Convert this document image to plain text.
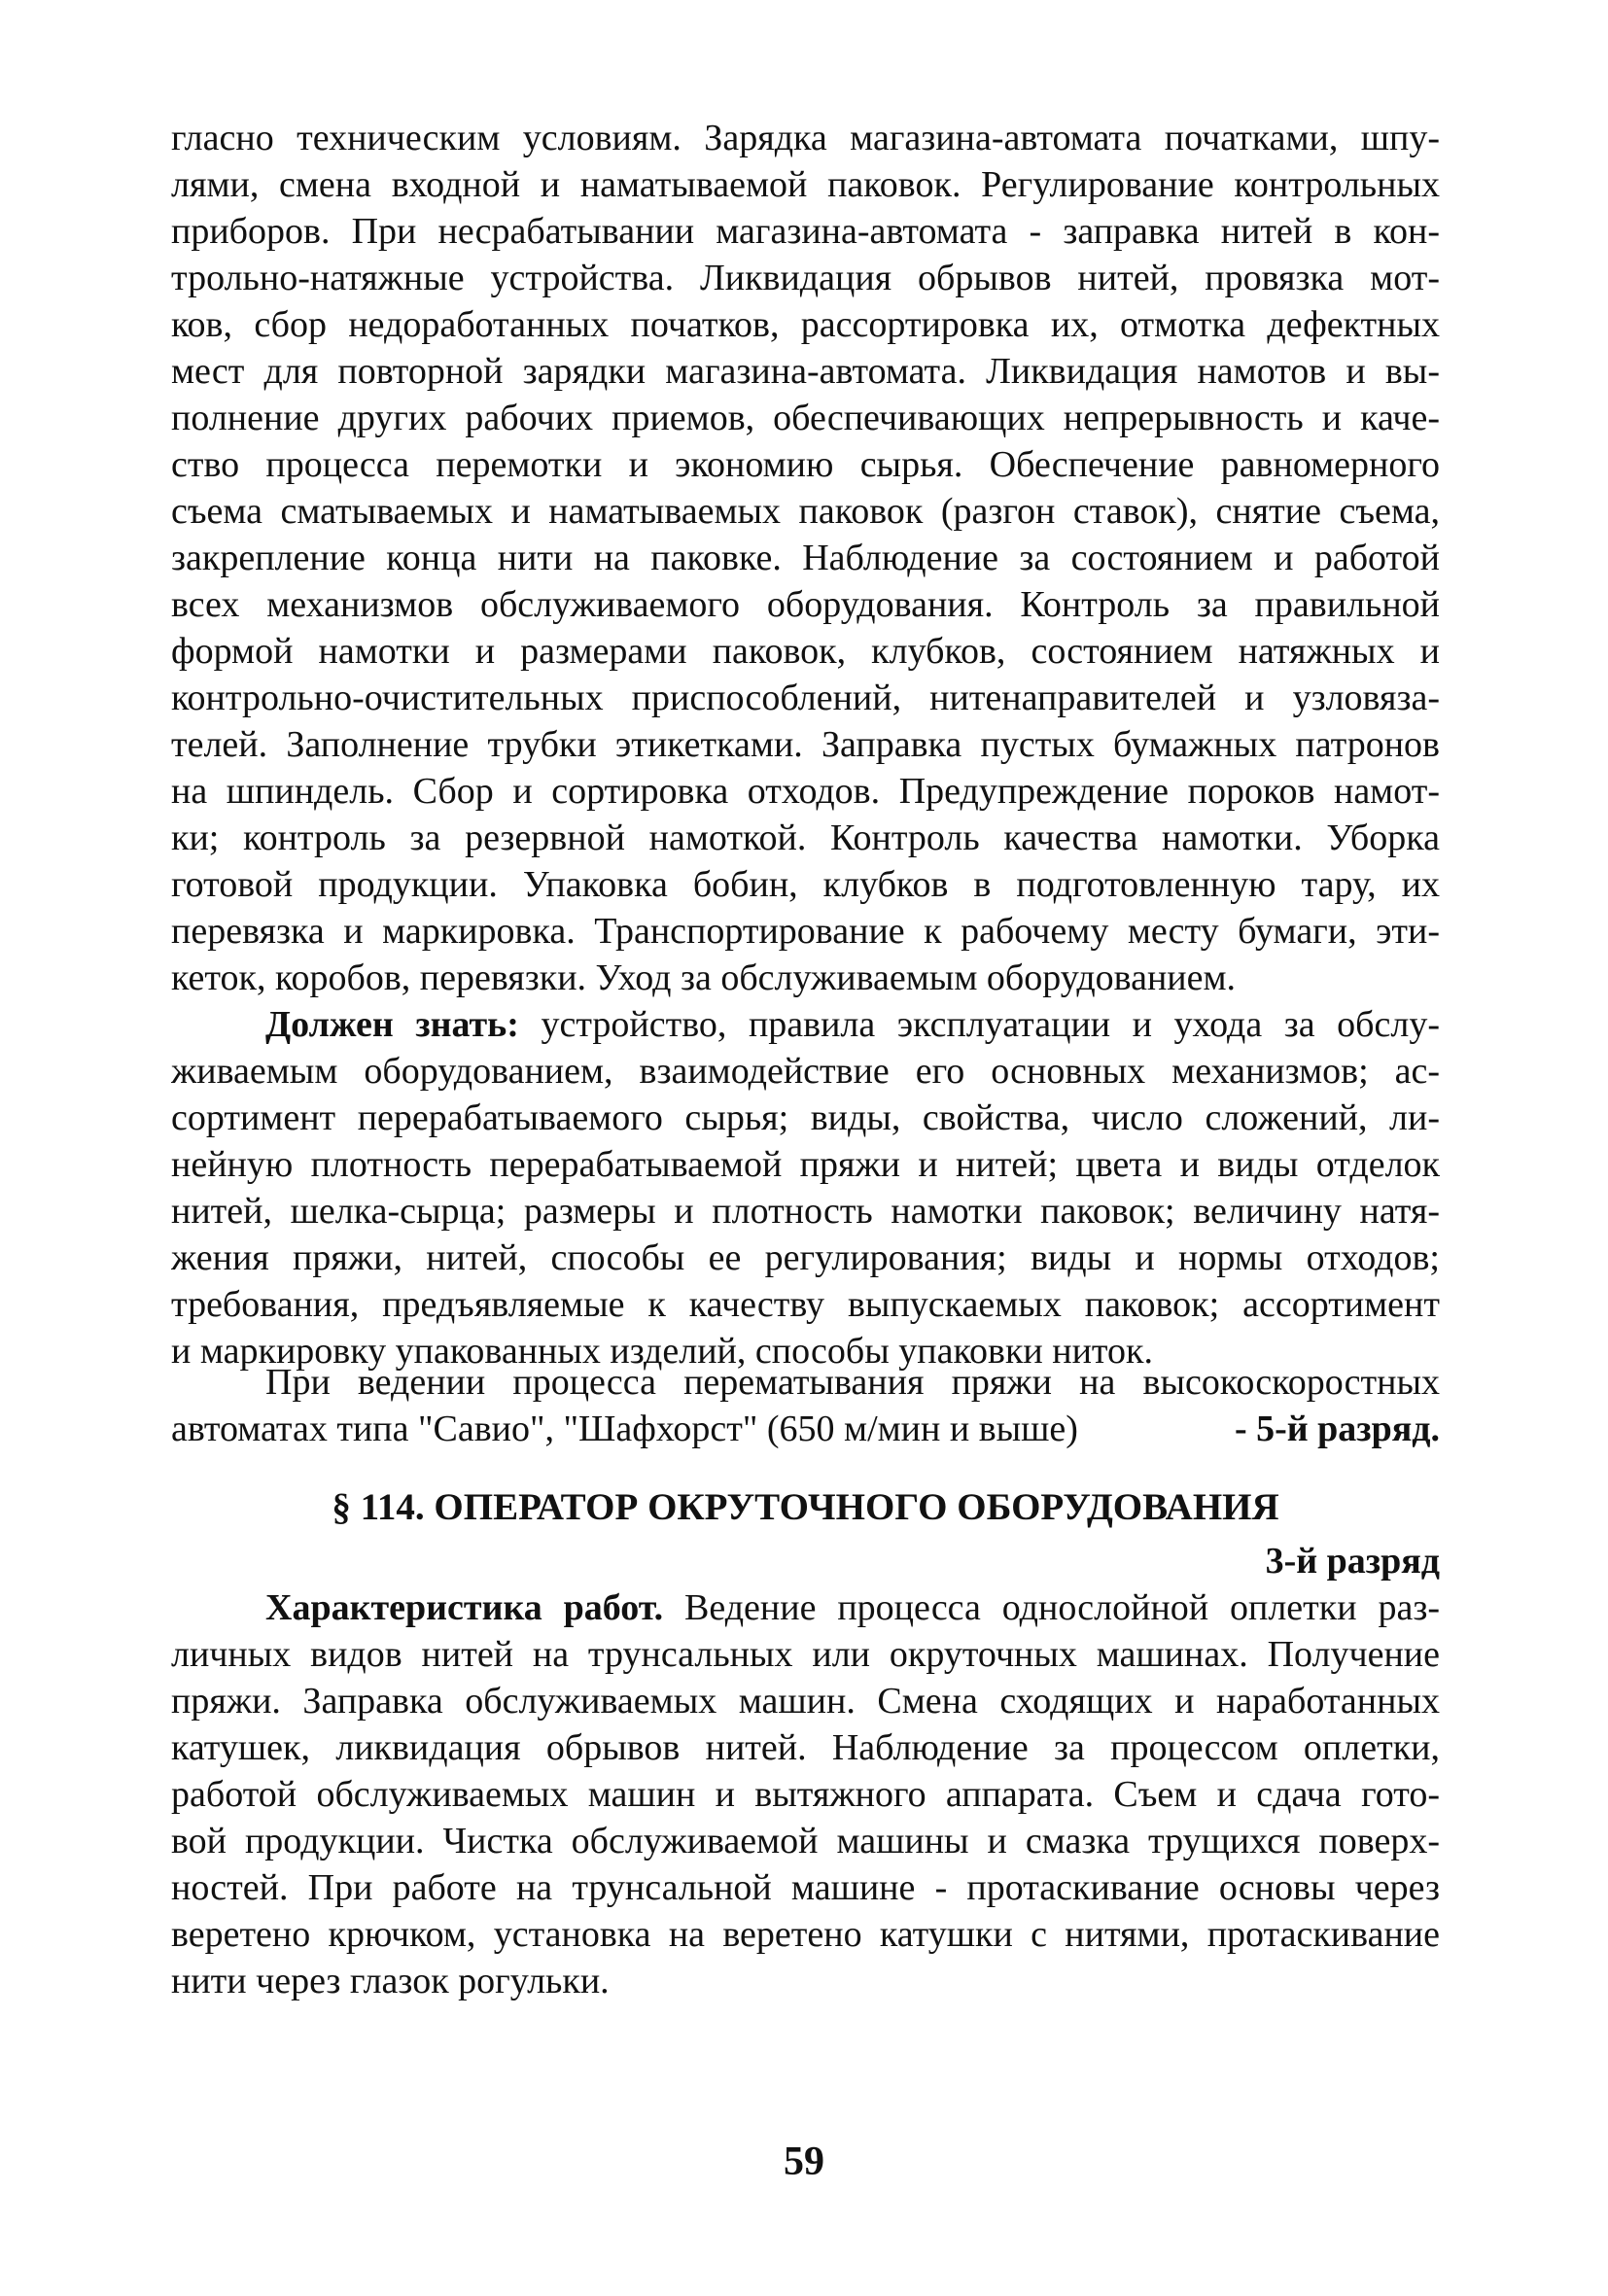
гласно техническим условиям. Зарядка магазина-автомата початками, шпу-
лями, смена входной и наматываемой паковок. Регулирование контрольных
приборов. При несрабатывании магазина-автомата - заправка нитей в кон-
трольно-натяжные устройства. Ликвидация обрывов нитей, провязка мот-
ков, сбор недоработанных початков, рассортировка их, отмотка дефектных
мест для повторной зарядки магазина-автомата. Ликвидация намотов и вы-
полнение других рабочих приемов, обеспечивающих непрерывность и каче-
ство процесса перемотки и экономию сырья. Обеспечение равномерного
съема сматываемых и наматываемых паковок (разгон ставок), снятие съема,
закрепление конца нити на паковке. Наблюдение за состоянием и работой
всех механизмов обслуживаемого оборудования. Контроль за правильной
формой намотки и размерами паковок, клубков, состоянием натяжных и
контрольно-очистительных приспособлений, нитенаправителей и узловяза-
телей. Заполнение трубки этикетками. Заправка пустых бумажных патронов
на шпиндель. Сбор и сортировка отходов. Предупреждение пороков намот-
ки; контроль за резервной намоткой. Контроль качества намотки. Уборка
готовой продукции. Упаковка бобин, клубков в подготовленную тару, их
перевязка и маркировка. Транспортирование к рабочему месту бумаги, эти-
кеток, коробов, перевязки. Уход за обслуживаемым оборудованием.
Должен знать: устройство, правила эксплуатации и ухода за обслу-
живаемым оборудованием, взаимодействие его основных механизмов; ас-
сортимент перерабатываемого сырья; виды, свойства, число сложений, ли-
нейную плотность перерабатываемой пряжи и нитей; цвета и виды отделок
нитей, шелка-сырца; размеры и плотность намотки паковок; величину натя-
жения пряжи, нитей, способы ее регулирования; виды и нормы отходов;
требования, предъявляемые к качеству выпускаемых паковок; ассортимент
и маркировку упакованных изделий, способы упаковки ниток.
При ведении процесса перематывания пряжи на высокоскоростных
автоматах типа "Савио", "Шафхорст" (650 м/мин и выше)	- 5-й разряд.
§ 114. ОПЕРАТОР ОКРУТОЧНОГО ОБОРУДОВАНИЯ
3-й разряд
Характеристика работ. Ведение процесса однослойной оплетки раз-
личных видов нитей на трунсальных или окруточных машинах. Получение
пряжи. Заправка обслуживаемых машин. Смена сходящих и наработанных
катушек, ликвидация обрывов нитей. Наблюдение за процессом оплетки,
работой обслуживаемых машин и вытяжного аппарата. Съем и сдача гото-
вой продукции. Чистка обслуживаемой машины и смазка трущихся поверх-
ностей. При работе на трунсальной машине - протаскивание основы через
веретено крючком, установка на веретено катушки с нитями, протаскивание
нити через глазок рогульки.
59
